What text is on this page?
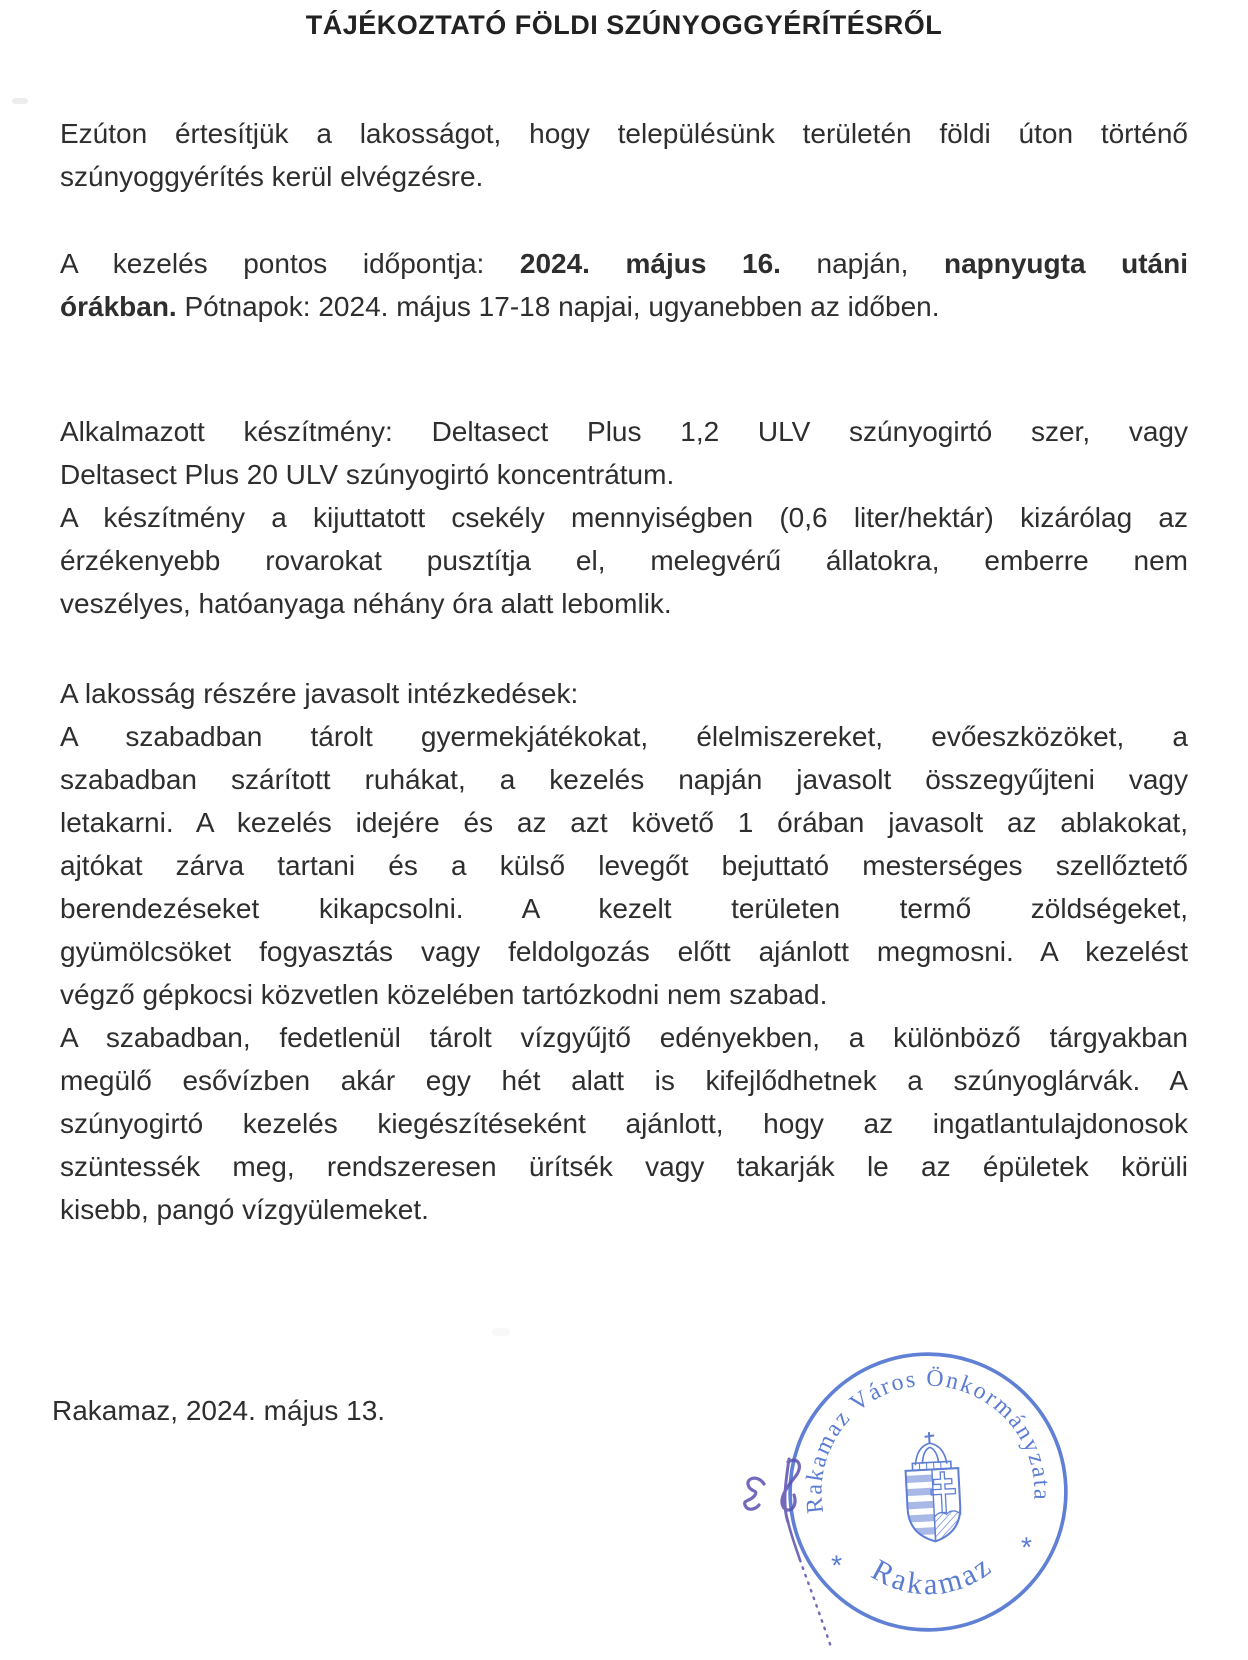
TÁJÉKOZTATÓ FÖLDI SZÚNYOGGYÉRÍTÉSRŐL
Ezúton értesítjük a lakosságot, hogy településünk területén földi úton történő
szúnyoggyérítés kerül elvégzésre.
A kezelés pontos időpontja: 2024. május 16. napján, napnyugta utáni
órákban. Pótnapok: 2024. május 17-18 napjai, ugyanebben az időben.
Alkalmazott készítmény: Deltasect Plus 1,2 ULV szúnyogirtó szer, vagy
Deltasect Plus 20 ULV szúnyogirtó koncentrátum.
A készítmény a kijuttatott csekély mennyiségben (0,6 liter/hektár) kizárólag az
érzékenyebb rovarokat pusztítja el, melegvérű állatokra, emberre nem
veszélyes, hatóanyaga néhány óra alatt lebomlik.
A lakosság részére javasolt intézkedések:
A szabadban tárolt gyermekjátékokat, élelmiszereket, evőeszközöket, a
szabadban szárított ruhákat, a kezelés napján javasolt összegyűjteni vagy
letakarni. A kezelés idejére és az azt követő 1 órában javasolt az ablakokat,
ajtókat zárva tartani és a külső levegőt bejuttató mesterséges szellőztető
berendezéseket kikapcsolni. A kezelt területen termő zöldségeket,
gyümölcsöket fogyasztás vagy feldolgozás előtt ajánlott megmosni. A kezelést
végző gépkocsi közvetlen közelében tartózkodni nem szabad.
A szabadban, fedetlenül tárolt vízgyűjtő edényekben, a különböző tárgyakban
megülő esővízben akár egy hét alatt is kifejlődhetnek a szúnyoglárvák. A
szúnyogirtó kezelés kiegészítéseként ajánlott, hogy az ingatlantulajdonosok
szüntessék meg, rendszeresen ürítsék vagy takarják le az épületek körüli
kisebb, pangó vízgyülemeket.
Rakamaz, 2024. május 13.
Rakamaz Város Önkormányzata
Rakamaz
*
*
